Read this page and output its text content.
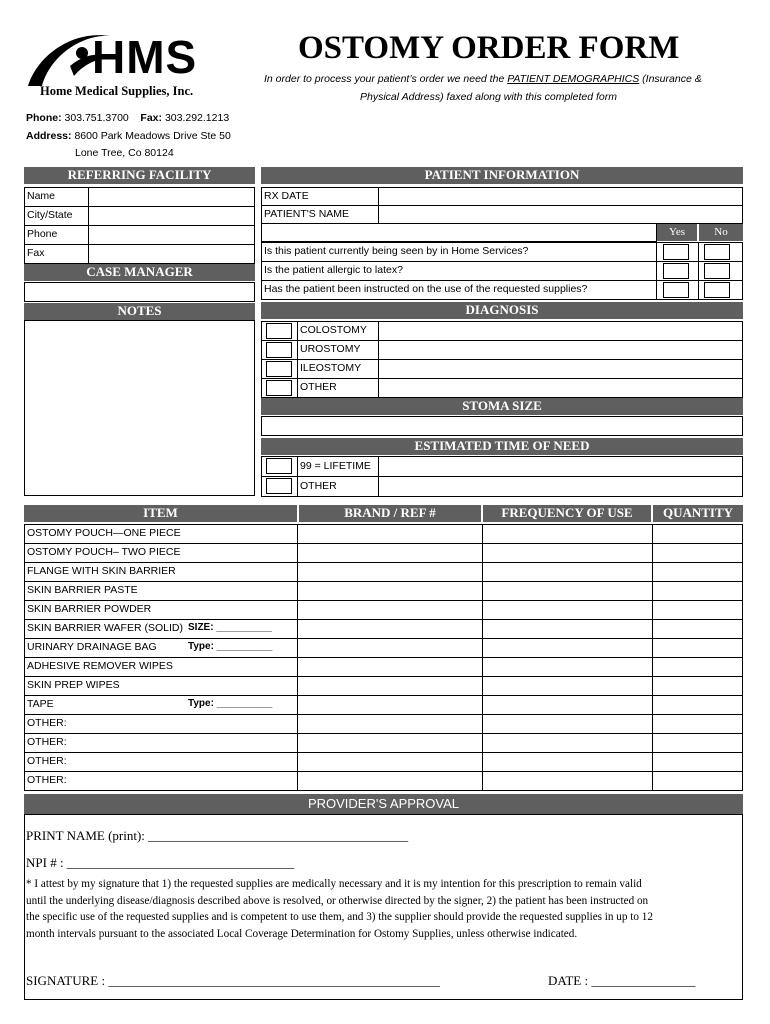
HMS
Home Medical Supplies, Inc.
OSTOMY ORDER FORM
In order to process your patient’s order we need the PATIENT DEMOGRAPHICS (Insurance &
Physical Address) faxed along with this completed form
Phone: 303.751.3700 Fax: 303.292.1213
Address: 8600 Park Meadows Drive Ste 50
Lone Tree, Co 80124
REFERRING FACILITY
Name
City/State
Phone
Fax
CASE MANAGER
NOTES
PATIENT INFORMATION
RX DATE
PATIENT'S NAME
Yes	No
Is this patient currently being seen by in Home Services?
Is the patient allergic to latex?
Has the patient been instructed on the use of the requested supplies?
DIAGNOSIS
COLOSTOMY
UROSTOMY
ILEOSTOMY
OTHER
STOMA SIZE
ESTIMATED TIME OF NEED
99 = LIFETIME
OTHER
ITEM	BRAND / REF #	FREQUENCY OF USE	QUANTITY
OSTOMY POUCH—ONE PIECE
OSTOMY POUCH– TWO PIECE
FLANGE WITH SKIN BARRIER
SKIN BARRIER PASTE
SKIN BARRIER POWDER
SKIN BARRIER WAFER (SOLID) SIZE: __________
URINARY DRAINAGE BAG	Type: __________
ADHESIVE REMOVER WIPES
SKIN PREP WIPES
TAPE	Type: __________
OTHER:
OTHER:
OTHER:
OTHER:
PROVIDER'S APPROVAL
PRINT NAME (print): ________________________________________
NPI # : ___________________________________
* I attest by my signature that 1) the requested supplies are medically necessary and it is my intention for this prescription to remain valid
until the underlying disease/diagnosis described above is resolved, or otherwise directed by the signer, 2) the patient has been instructed on
the specific use of the requested supplies and is competent to use them, and 3) the supplier should provide the requested supplies in up to 12
month intervals pursuant to the associated Local Coverage Determination for Ostomy Supplies, unless otherwise indicated.
SIGNATURE : ___________________________________________________	DATE : ________________
